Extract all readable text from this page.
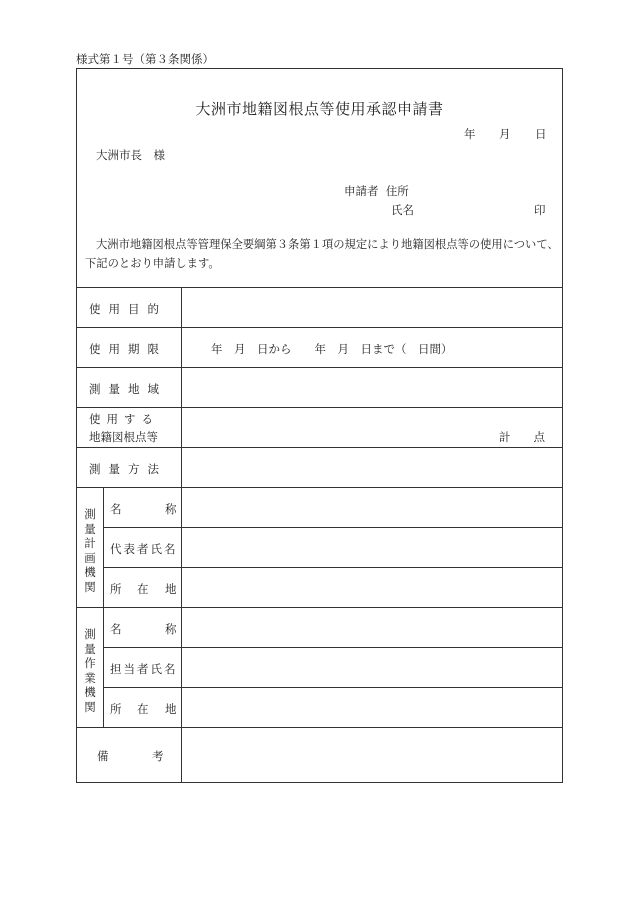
様式第１号（第３条関係）
大洲市地籍図根点等使用承認申請書
年 月 日
大洲市長　様
申請者 住所
氏名	印
大洲市地籍図根点等管理保全要綱第３条第１項の規定により地籍図根点等の使用について、下記のとおり申請します。
使用目的
使用期限	年　月　日から　　年　月　日まで（　日間）
測量地域
使用する
地籍図根点等	計　　点
測量方法
測量計画機関
名	称
代表者氏名
所 在 地
測量作業機関
名	称
担当者氏名
所 在 地
備	考
